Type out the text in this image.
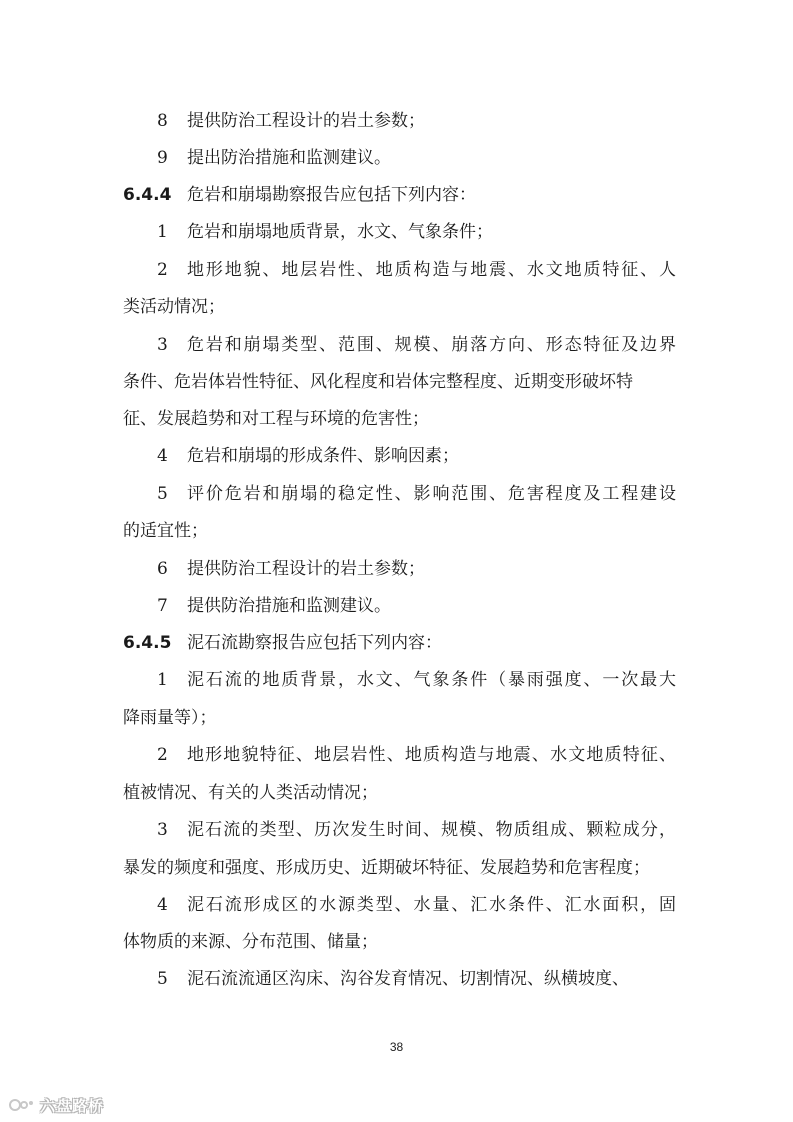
8 提供防治工程设计的岩土参数；
9 提出防治措施和监测建议。
6.4.4 危岩和崩塌勘察报告应包括下列内容：
1 危岩和崩塌地质背景，水文、气象条件；
2 地形地貌、地层岩性、地质构造与地震、水文地质特征、人
类活动情况；
3 危岩和崩塌类型、范围、规模、崩落方向、形态特征及边界
条件、危岩体岩性特征、风化程度和岩体完整程度、近期变形破坏特
征、发展趋势和对工程与环境的危害性；
4 危岩和崩塌的形成条件、影响因素；
5 评价危岩和崩塌的稳定性、影响范围、危害程度及工程建设
的适宜性；
6 提供防治工程设计的岩土参数；
7 提供防治措施和监测建议。
6.4.5 泥石流勘察报告应包括下列内容：
1 泥石流的地质背景，水文、气象条件（暴雨强度、一次最大
降雨量等）；
2 地形地貌特征、地层岩性、地质构造与地震、水文地质特征、
植被情况、有关的人类活动情况；
3 泥石流的类型、历次发生时间、规模、物质组成、颗粒成分，
暴发的频度和强度、形成历史、近期破坏特征、发展趋势和危害程度；
4 泥石流形成区的水源类型、水量、汇水条件、汇水面积，固
体物质的来源、分布范围、储量；
5 泥石流流通区沟床、沟谷发育情况、切割情况、纵横坡度、
38
六盘路桥
